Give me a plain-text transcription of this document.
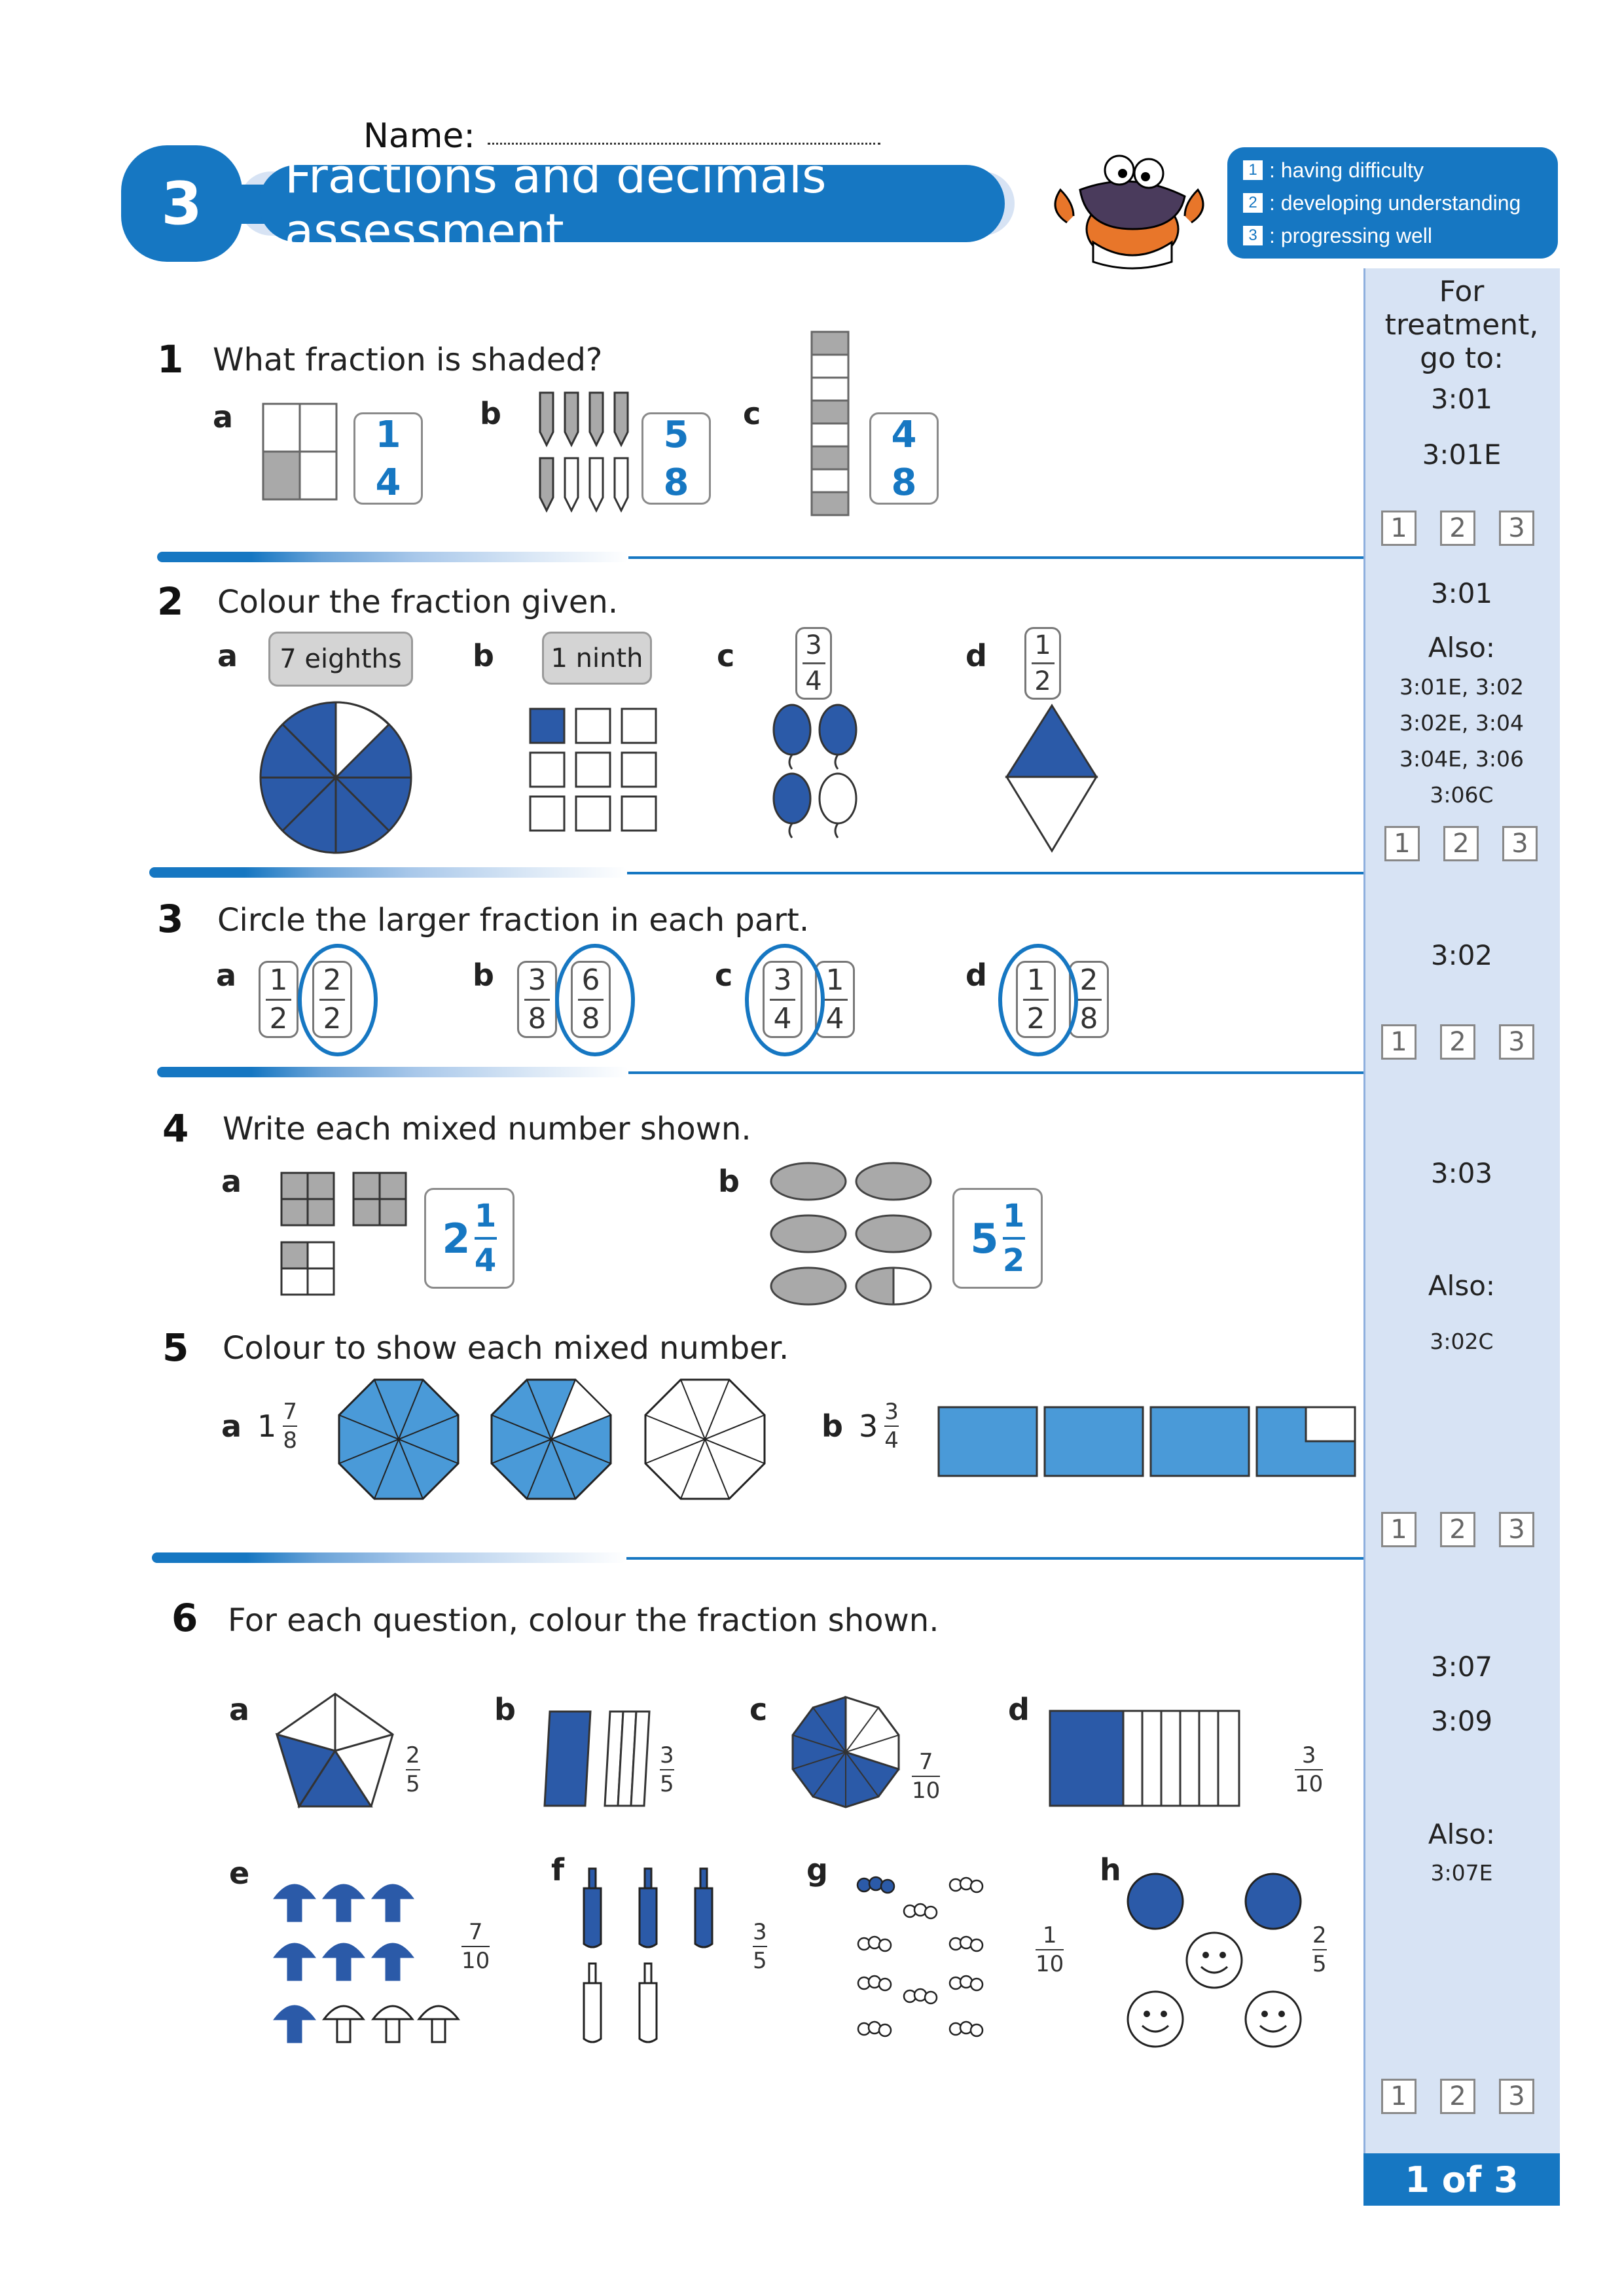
Name:
3	Fractions and decimals assessment
1 : having difficulty
2 : developing understanding
3 : progressing well
For treatment, go to:
3:01
3:01E
1	2	3
3:01
Also:
3:01E, 3:02
3:02E, 3:04
3:04E, 3:06
3:06C
1	2	3
3:02
1	2	3
3:03
Also:
3:02C
1	2	3
3:07
3:09
Also:
3:07E
1	2	3
1 of 3
1 What fraction is shaded?
a	1
4
b	5
8
c	4
8
2 Colour the fraction given.
a	7 eighths	b	1 ninth c	3
4
d 1
2
3 Circle the larger fraction in each part.
a 1
2
2
2
b 3
8
6
8
c 3
4
1
4
d 1
2
2
8
4 Write each mixed number shown.
a
2 1
4
b
5 1
2
5 Colour to show each mixed number.
a 1 7
8	b 3 3
4
6 For each question, colour the fraction shown.
a
2
5
b
3
5
c
7
10
d
3
10
e
7
10
f
3
5
g
1
10
h
2
5
